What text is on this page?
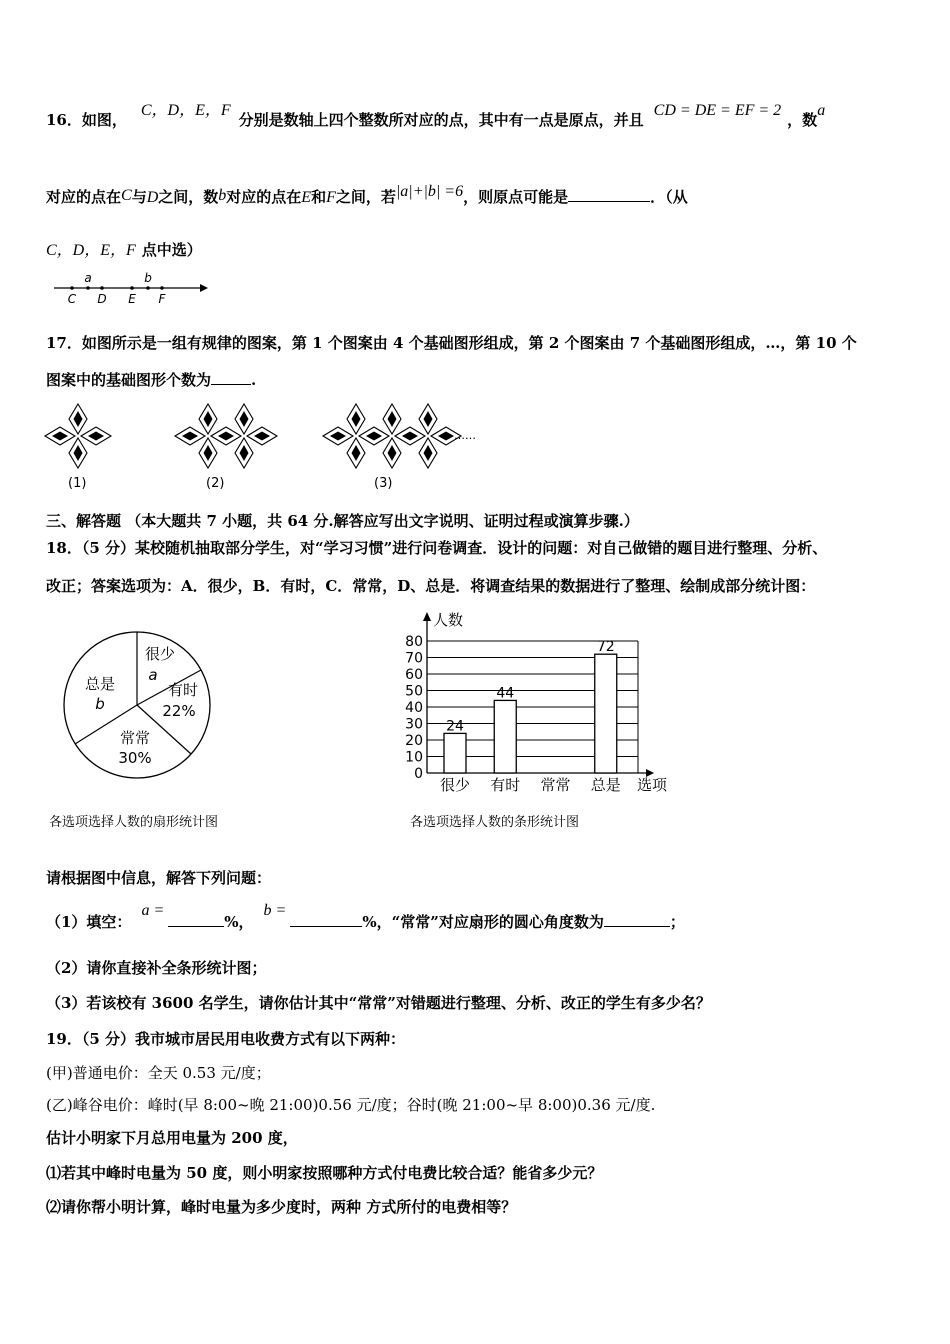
16．如图，C，D，E，F分别是数轴上四个整数所对应的点，其中有一点是原点，并且CD = DE = EF = 2，数a
对应的点在C与D之间，数b对应的点在E和F之间，若|a|+|b| =6，则原点可能是	．（从
C，D，E，F 点中选）
a	b
C D E F
17．如图所示是一组有规律的图案，第 1 个图案由 4 个基础图形组成，第 2 个图案由 7 个基础图形组成，…，第 10 个
图案中的基础图形个数为	.
……
(1)	(2)	(3)
三、解答题 （本大题共 7 小题，共 64 分.解答应写出文字说明、证明过程或演算步骤.）
18．（5 分）某校随机抽取部分学生，对“学习习惯”进行问卷调查．设计的问题：对自己做错的题目进行整理、分析、
改正；答案选项为：A．很少，B．有时，C．常常，D、总是．将调查结果的数据进行了整理、绘制成部分统计图：
很少
a
有时
22%
常常
30%
总是
b
各选项选择人数的扇形统计图
0
10
20
30
40
50
60
70
80
24
很少
44
有时 常常
72
总是
人数
选项
各选项选择人数的条形统计图
请根据图中信息，解答下列问题：
（1）填空：a =%，b =%，“常常”对应扇形的圆心角度数为	；
（2）请你直接补全条形统计图；
（3）若该校有 3600 名学生，请你估计其中“常常”对错题进行整理、分析、改正的学生有多少名？
19．（5 分）我市城市居民用电收费方式有以下两种：
(甲)普通电价：全天 0.53 元/度；
(乙)峰谷电价：峰时(早 8:00~晚 21:00)0.56 元/度；谷时(晚 21:00~早 8:00)0.36 元/度.
估计小明家下月总用电量为 200 度，
⑴若其中峰时电量为 50 度，则小明家按照哪种方式付电费比较合适？能省多少元？
⑵请你帮小明计算，峰时电量为多少度时，两种 方式所付的电费相等？
